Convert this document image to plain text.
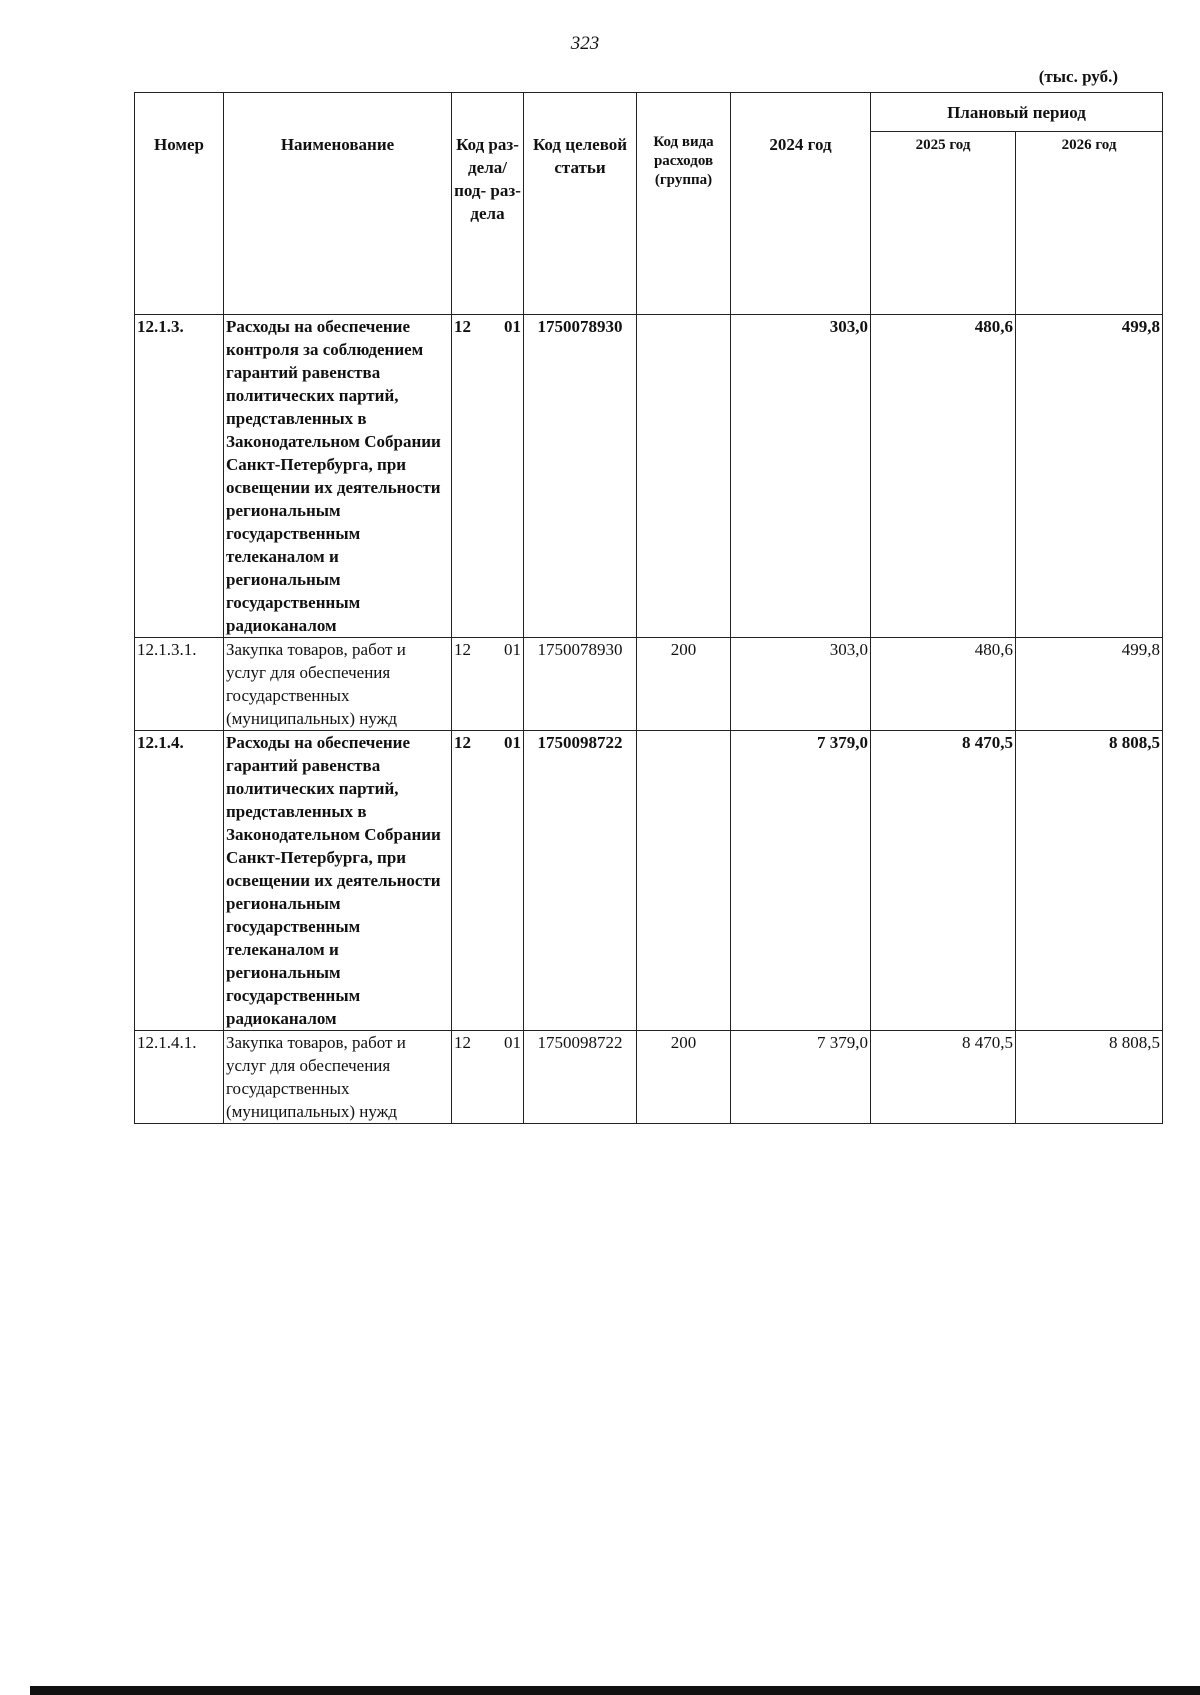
323
(тыс. руб.)
Номер	Наименование	Код раз- дела/ под- раз- дела	Код целевой статьи	Код вида расходов (группа)	2024 год	Плановый период	
						2025 год	2026 год
12.1.3.	Расходы на обеспечение контроля за соблюдением гарантий равенства политических партий, представленных в Законодательном Собрании Санкт-Петербурга, при освещении их деятельности региональным государственным телеканалом и региональным государственным радиоканалом	12 01	1750078930		303,0	480,6	499,8
12.1.3.1.	Закупка товаров, работ и услуг для обеспечения государственных (муниципальных) нужд	12 01	1750078930	200	303,0	480,6	499,8
12.1.4.	Расходы на обеспечение гарантий равенства политических партий, представленных в Законодательном Собрании Санкт-Петербурга, при освещении их деятельности региональным государственным телеканалом и региональным государственным радиоканалом	12 01	1750098722		7 379,0	8 470,5	8 808,5
12.1.4.1.	Закупка товаров, работ и услуг для обеспечения государственных (муниципальных) нужд	12 01	1750098722	200	7 379,0	8 470,5	8 808,5
